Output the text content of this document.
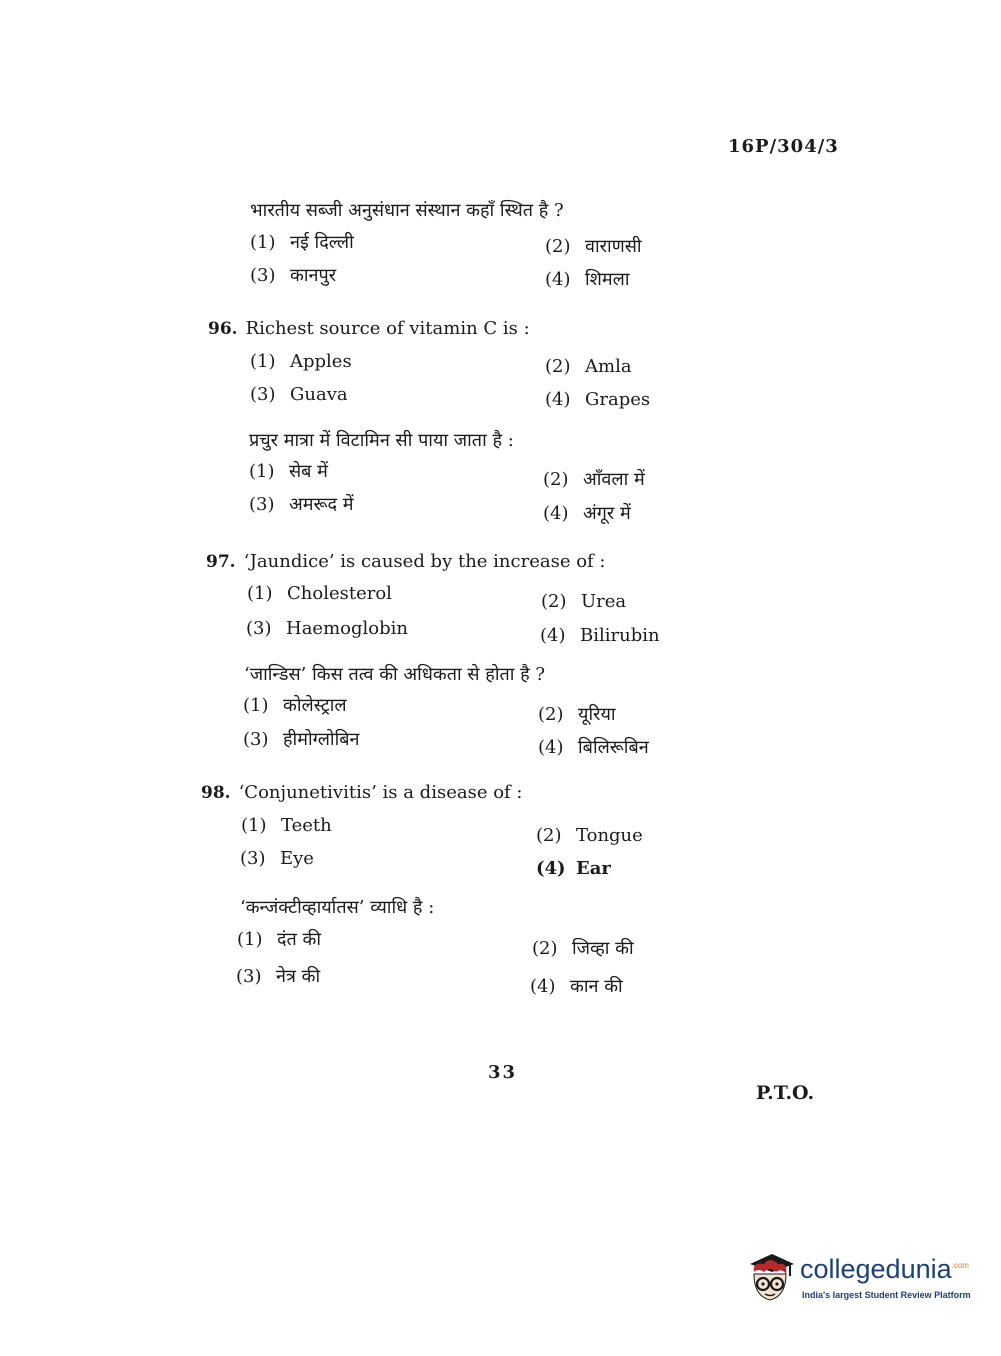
16P/304/3
भारतीय सब्जी अनुसंधान संस्थान कहाँ स्थित है ?
(1) नई दिल्ली	(2) वाराणसी
(3) कानपुर	(4) शिमला
96. Richest source of vitamin C is :
(1) Apples	(2) Amla
(3) Guava	(4) Grapes
प्रचुर मात्रा में विटामिन सी पाया जाता है :
(1) सेब में	(2) आँवला में
(3) अमरूद में	(4) अंगूर में
97. ‘Jaundice’ is caused by the increase of :
(1) Cholesterol	(2) Urea
(3) Haemoglobin	(4) Bilirubin
‘जान्डिस’ किस तत्व की अधिकता से होता है ?
(1) कोलेस्ट्राल	(2) यूरिया
(3) हीमोग्लोबिन	(4) बिलिरूबिन
98. ‘Conjunetivitis’ is a disease of :
(1) Teeth	(2) Tongue
(3) Eye	(4) Ear
‘कन्जंक्टीव्हार्यातस’ व्याधि है :
(1) दंत की	(2) जिव्हा की
(3) नेत्र की	(4) कान की
33
P.T.O.
collegedunia$^{.com}$
India's largest Student Review Platform
